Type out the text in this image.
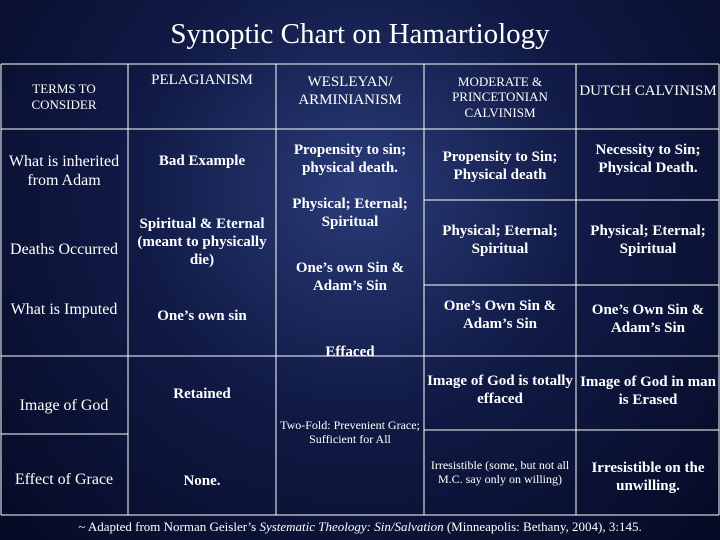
Synoptic Chart on Hamartiology
TERMS TO CONSIDER
PELAGIANISM	WESLEYAN/ ARMINIANISM
MODERATE & PRINCETONIAN CALVINISM
DUTCH CALVINISM
What is inherited from Adam
Deaths Occurred
What is Imputed
Image of God
Effect of Grace
Bad Example
Spiritual & Eternal (meant to physically die)
One’s own sin
Retained
None.
Propensity to sin; physical death.
Physical; Eternal; Spiritual
One’s own Sin & Adam’s Sin
Effaced
Two-Fold: Prevenient Grace; Sufficient for All
Propensity to Sin; Physical death
Physical; Eternal; Spiritual
One’s Own Sin & Adam’s Sin
Image of God is totally effaced
Irresistible (some, but not all M.C. say only on willing)
Necessity to Sin; Physical Death.
Physical; Eternal; Spiritual
One’s Own Sin & Adam’s Sin
Image of God in man is Erased
Irresistible on the unwilling.
~ Adapted from Norman Geisler’s Systematic Theology: Sin/Salvation (Minneapolis: Bethany, 2004), 3:145.
